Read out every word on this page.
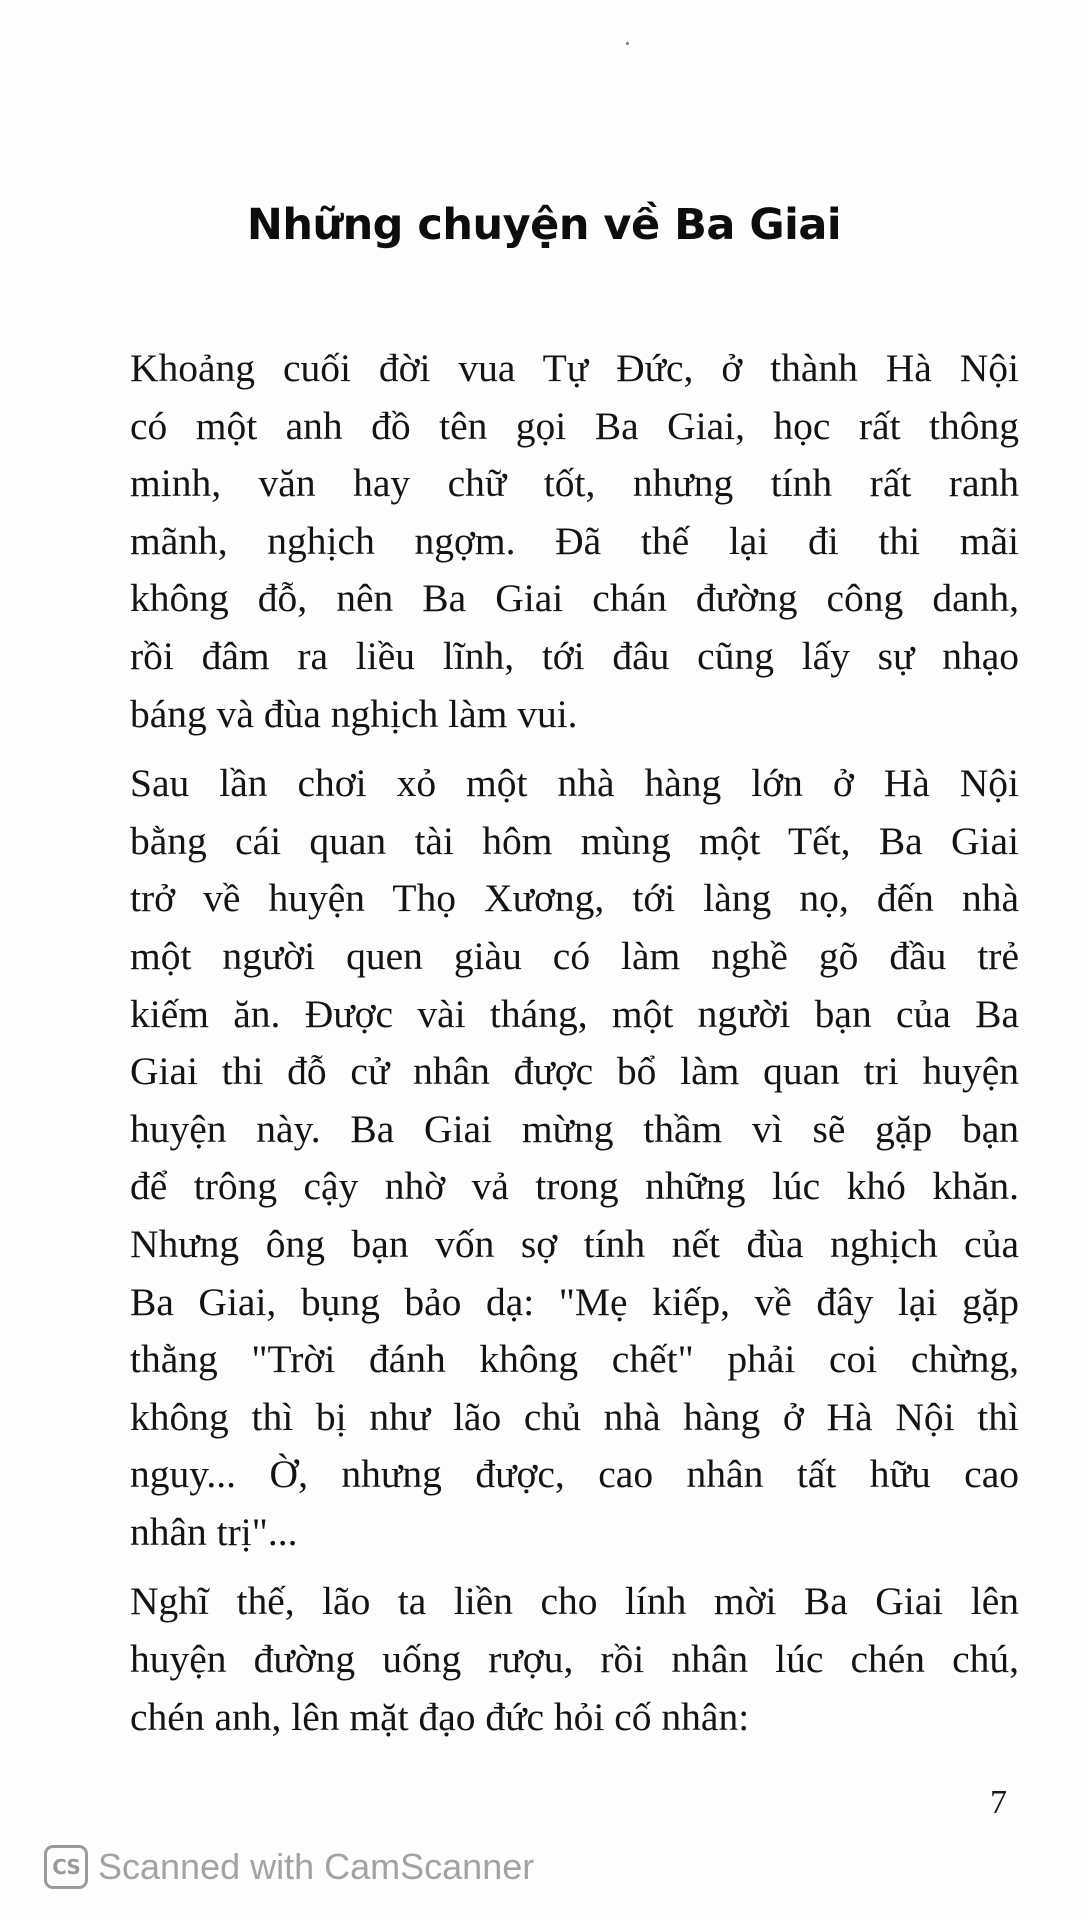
Những chuyện về Ba Giai

Khoảng cuối đời vua Tự Đức, ở thành Hà Nội
có một anh đồ tên gọi Ba Giai, học rất thông
minh, văn hay chữ tốt, nhưng tính rất ranh
mãnh, nghịch ngợm. Đã thế lại đi thi mãi
không đỗ, nên Ba Giai chán đường công danh,
rồi đâm ra liều lĩnh, tới đâu cũng lấy sự nhạo
báng và đùa nghịch làm vui.

Sau lần chơi xỏ một nhà hàng lớn ở Hà Nội
bằng cái quan tài hôm mùng một Tết, Ba Giai
trở về huyện Thọ Xương, tới làng nọ, đến nhà
một người quen giàu có làm nghề gõ đầu trẻ
kiếm ăn. Được vài tháng, một người bạn của Ba
Giai thi đỗ cử nhân được bổ làm quan tri huyện
huyện này. Ba Giai mừng thầm vì sẽ gặp bạn
để trông cậy nhờ vả trong những lúc khó khăn.
Nhưng ông bạn vốn sợ tính nết đùa nghịch của
Ba Giai, bụng bảo dạ: "Mẹ kiếp, về đây lại gặp
thằng "Trời đánh không chết" phải coi chừng,
không thì bị như lão chủ nhà hàng ở Hà Nội thì
nguy... Ờ, nhưng được, cao nhân tất hữu cao
nhân trị"...

Nghĩ thế, lão ta liền cho lính mời Ba Giai lên
huyện đường uống rượu, rồi nhân lúc chén chú,
chén anh, lên mặt đạo đức hỏi cố nhân:

7
CS Scanned with CamScanner
